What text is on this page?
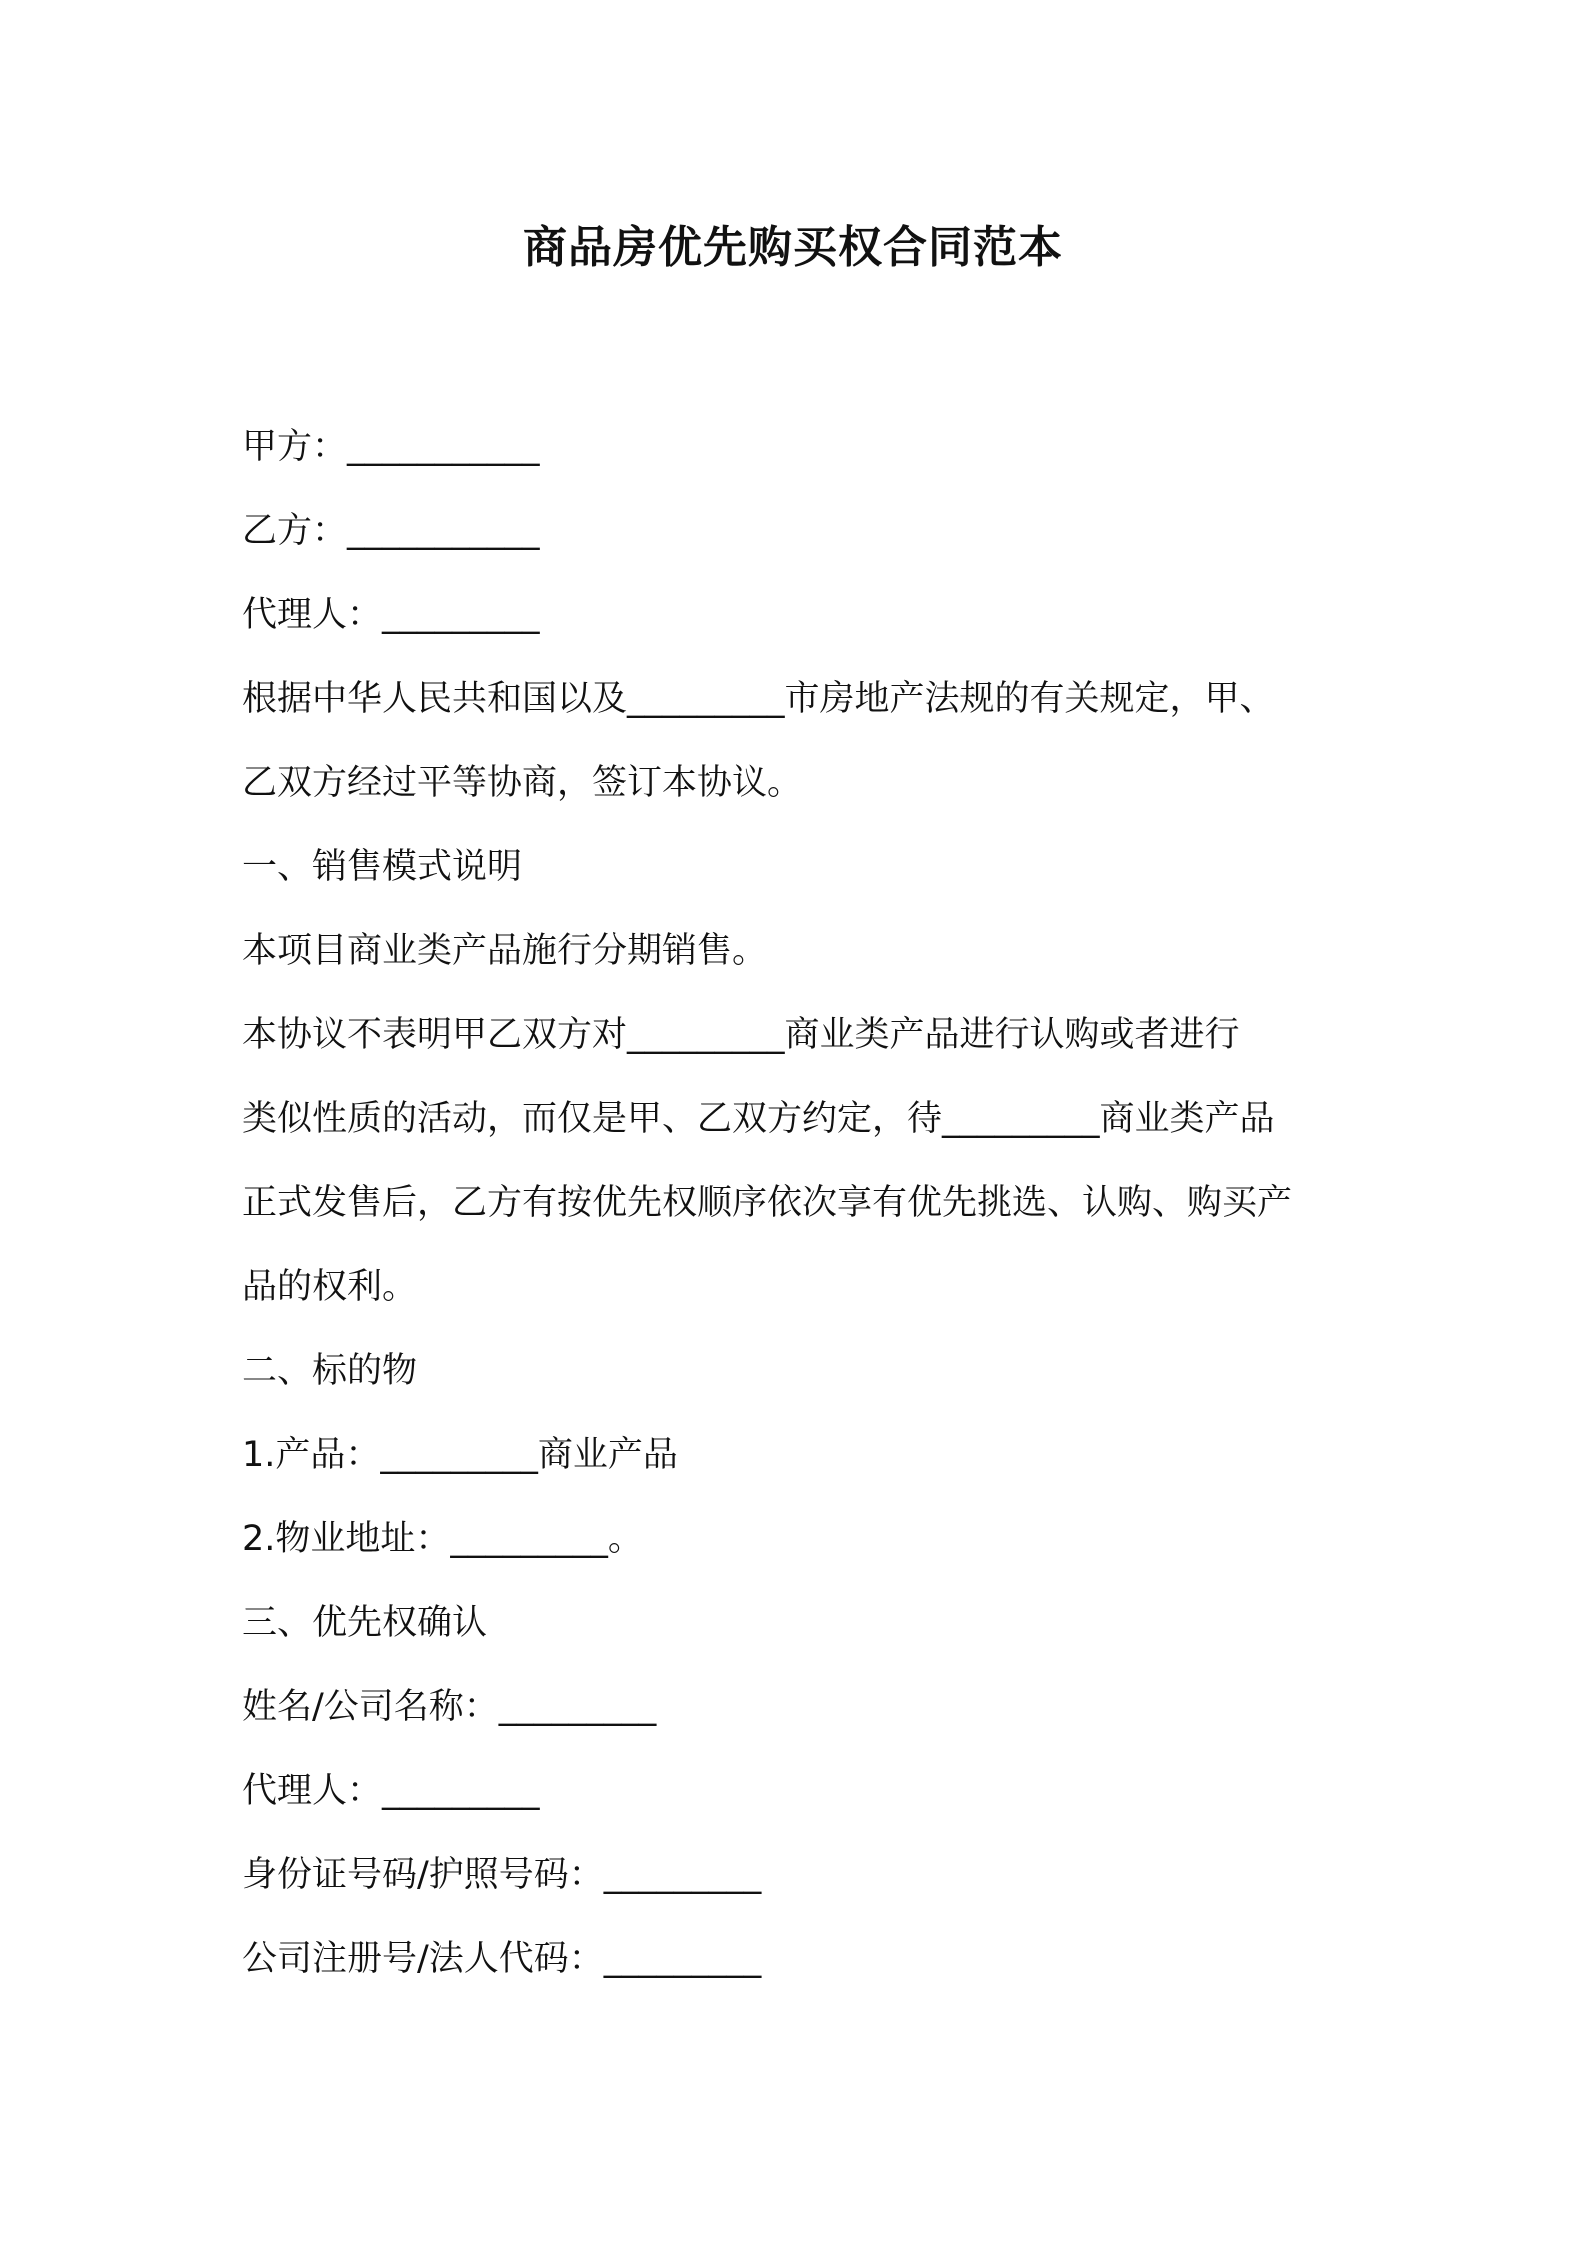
商品房优先购买权合同范本

甲方：___________

乙方：___________

代理人：_________

根据中华人民共和国以及_________市房地产法规的有关规定，甲、

乙双方经过平等协商，签订本协议。

一、销售模式说明

本项目商业类产品施行分期销售。

本协议不表明甲乙双方对_________商业类产品进行认购或者进行

类似性质的活动，而仅是甲、乙双方约定，待_________商业类产品

正式发售后，乙方有按优先权顺序依次享有优先挑选、认购、购买产

品的权利。

二、标的物

1.产品：_________商业产品

2.物业地址：_________。

三、优先权确认

姓名/公司名称：_________

代理人：_________

身份证号码/护照号码：_________

公司注册号/法人代码：_________
